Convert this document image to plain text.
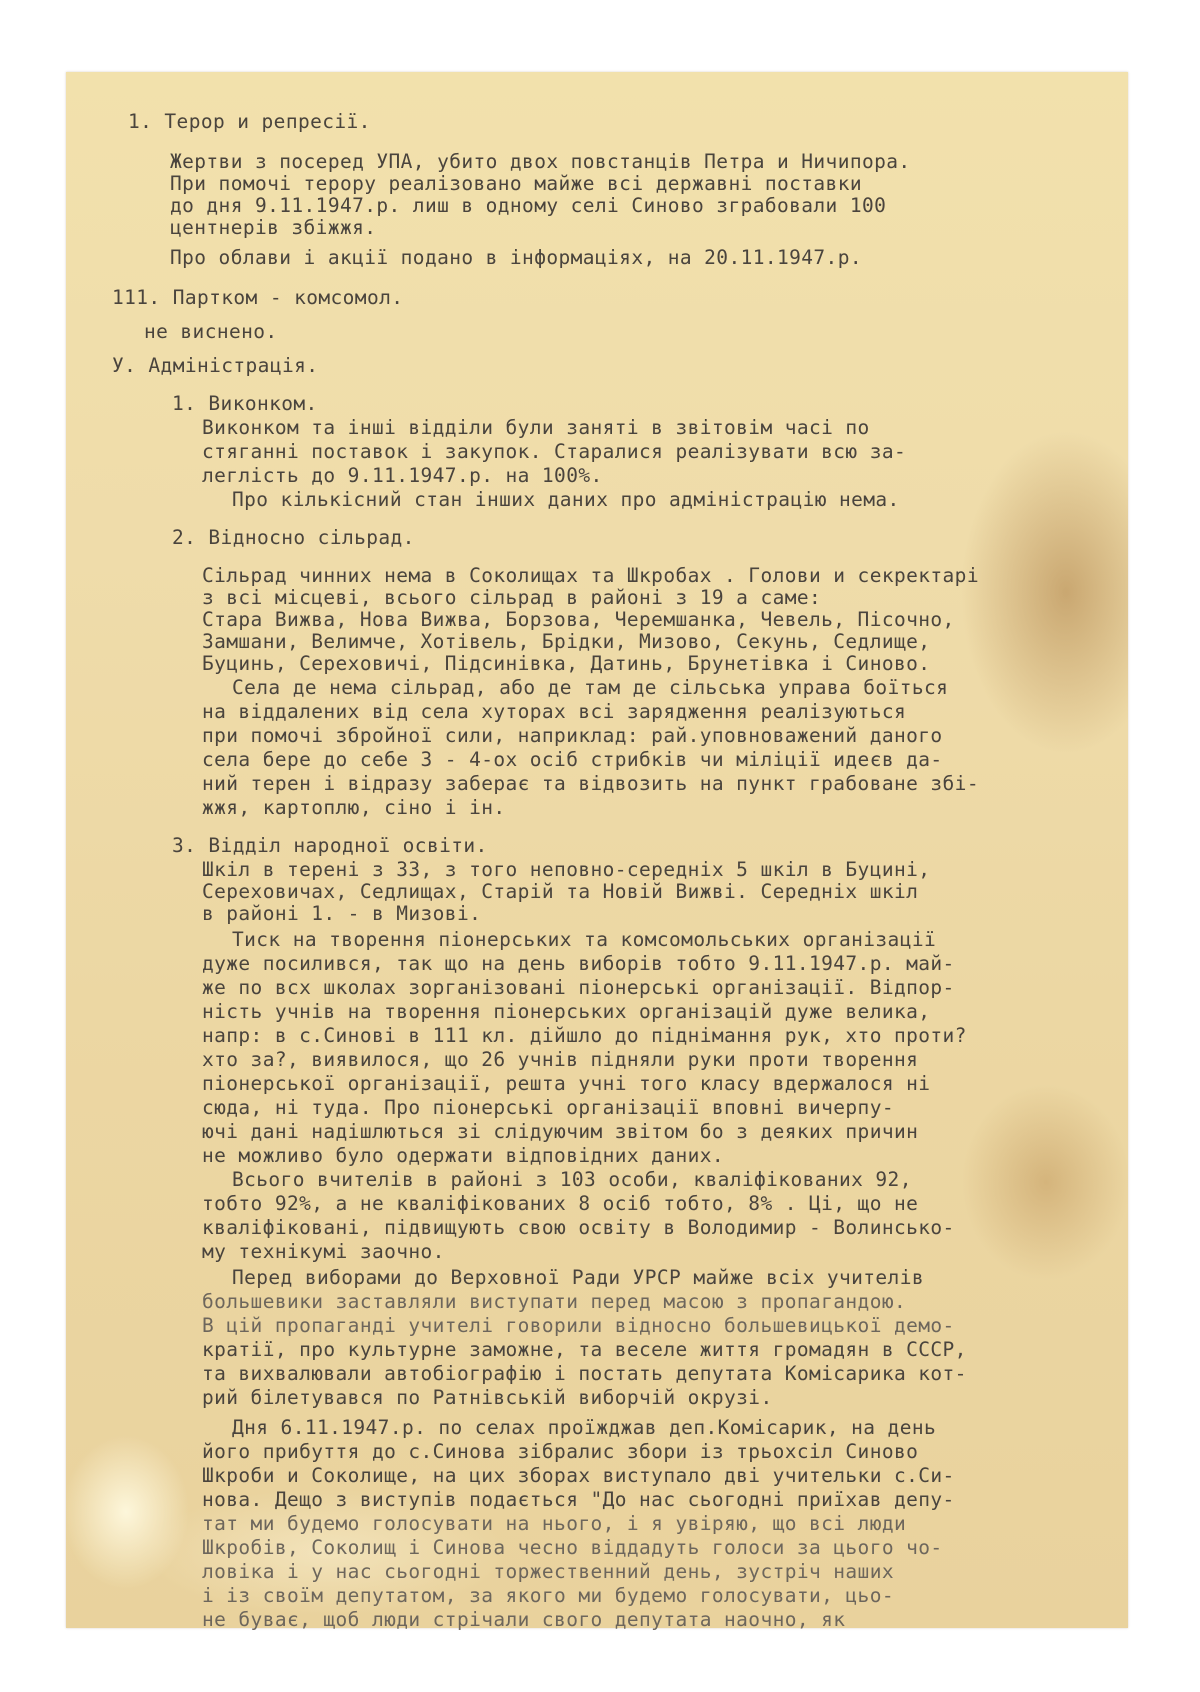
1. Терор и репресії.

Жертви з посеред УПА, убито двох повстанців Петра и Ничипора.

При помочі терору реалізовано майже всі державні поставки

до дня 9.11.1947.р. лиш в одному селі Синово зграбовали 100

центнерів збіжжя.

Про облави і акції подано в інформаціях, на 20.11.1947.р.

111. Партком - комсомол.

не виснено.

У. Адміністрація.

1. Виконком.

Виконком та інші відділи були заняті в звітовім часі по

стяганні поставок і закупок. Старалися реалізувати всю за-

леглість до 9.11.1947.р. на 100%.

Про кількісний стан інших даних про адміністрацію нема.

2. Відносно сільрад.

Сільрад чинних нема в Соколищах та Шкробах . Голови и секректарі

з всі місцеві, всього сільрад в районі з 19 а саме:

Стара Вижва, Нова Вижва, Борзова, Черемшанка, Чевель, Пісочно,

Замшани, Велимче, Хотівель, Брідки, Мизово, Секунь, Седлище,

Буцинь, Сереховичі, Підсинівка, Датинь, Брунетівка і Синово.

Села де нема сільрад, або де там де сільська управа боїться

на віддалених від села хуторах всі зарядження реалізуються

при помочі збройної сили, наприклад: рай.уповноважений даного

села бере до себе 3 - 4-ох осіб стрибків чи міліції идеєв да-

ний терен і відразу заберає та відвозить на пункт грабоване збі-

жжя, картоплю, сіно і ін.

3. Відділ народної освіти.

Шкіл в терені з 33, з того неповно-середніх 5 шкіл в Буцині,

Сереховичах, Седлищах, Старій та Новій Вижві. Середніх шкіл

в районі 1. - в Мизові.

Тиск на творення піонерських та комсомольських організації

дуже посилився, так що на день виборів тобто 9.11.1947.р. май-

же по всх школах зорганізовані піонерські організації. Відпор-

ність учнів на творення піонерських організацій дуже велика,

напр: в с.Синові в 111 кл. дійшло до піднімання рук, хто проти?

хто за?, виявилося, що 26 учнів підняли руки проти творення

піонерської організації, решта учні того класу вдержалося ні

сюда, ні туда. Про піонерські організації вповні вичерпу-

ючі дані надішлються зі слідуючим звітом бо з деяких причин

не можливо було одержати відповідних даних.

Всього вчителів в районі з 103 особи, кваліфікованих 92,

тобто 92%, а не кваліфікованих 8 осіб тобто, 8% . Ці, що не

кваліфіковані, підвищують свою освіту в Володимир - Волинсько-

му технікумі заочно.

Перед виборами до Верховної Ради УРСР майже всіх учителів

большевики заставляли виступати перед масою з пропагандою.

В цій пропаганді учителі говорили відносно большевицької демо-

кратії, про культурне заможне, та веселе життя громадян в СССР,

та вихвалювали автобіографію і постать депутата Комісарика кот-

рий білетувався по Ратнівській виборчій окрузі.

Дня 6.11.1947.р. по селах проїжджав деп.Комісарик, на день

його прибуття до с.Синова зібралис збори із трьохсіл Синово

Шкроби и Соколище, на цих зборах виступало дві учительки с.Си-

нова. Дещо з виступів подається "До нас сьогодні приїхав депу-

тат ми будемо голосувати на нього, і я увіряю, що всі люди

Шкробів, Соколищ і Синова чесно віддадуть голоси за цього чо-

ловіка і у нас сьогодні торжественний день, зустріч наших

і із своїм депутатом, за якого ми будемо голосувати, цьо-

не буває, щоб люди стрічали свого депутата наочно, як
